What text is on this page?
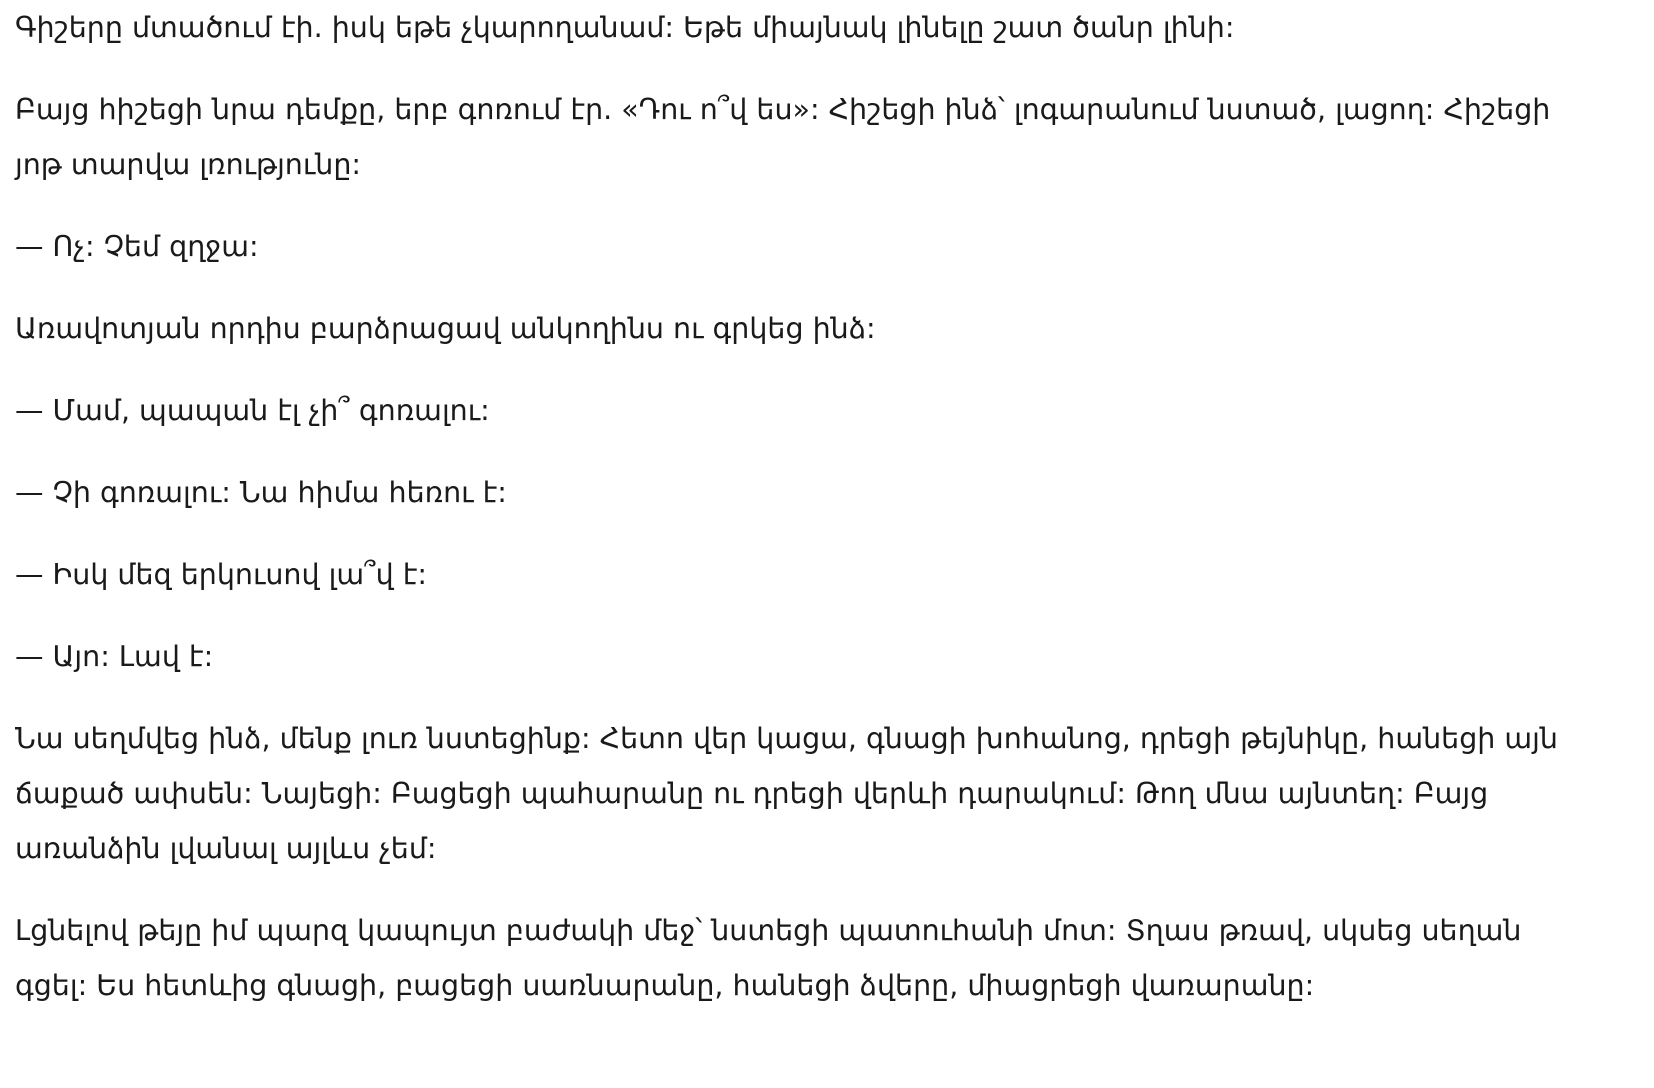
Գիշերը մտածում էի. իսկ եթե չկարողանամ: Եթե միայնակ լինելը շատ ծանր լինի:

Բայց հիշեցի նրա դեմքը, երբ գոռում էր. «Դու ո՞վ ես»: Հիշեցի ինձ՝ լոգարանում նստած, լացող: Հիշեցի
յոթ տարվա լռությունը:

— Ոչ: Չեմ զղջա:

Առավոտյան որդիս բարձրացավ անկողինս ու գրկեց ինձ:

— Մամ, պապան էլ չի՞ գոռալու:

— Չի գոռալու: Նա հիմա հեռու է:

— Իսկ մեզ երկուսով լա՞վ է:

— Այո: Լավ է:

Նա սեղմվեց ինձ, մենք լուռ նստեցինք: Հետո վեր կացա, գնացի խոհանոց, դրեցի թեյնիկը, հանեցի այն
ճաքած ափսեն: Նայեցի: Բացեցի պահարանը ու դրեցի վերևի դարակում: Թող մնա այնտեղ: Բայց
առանձին լվանալ այլևս չեմ:

Լցնելով թեյը իմ պարզ կապույտ բաժակի մեջ՝ նստեցի պատուհանի մոտ: Տղաս թռավ, սկսեց սեղան
գցել: Ես հետևից գնացի, բացեցի սառնարանը, հանեցի ձվերը, միացրեցի վառարանը:
